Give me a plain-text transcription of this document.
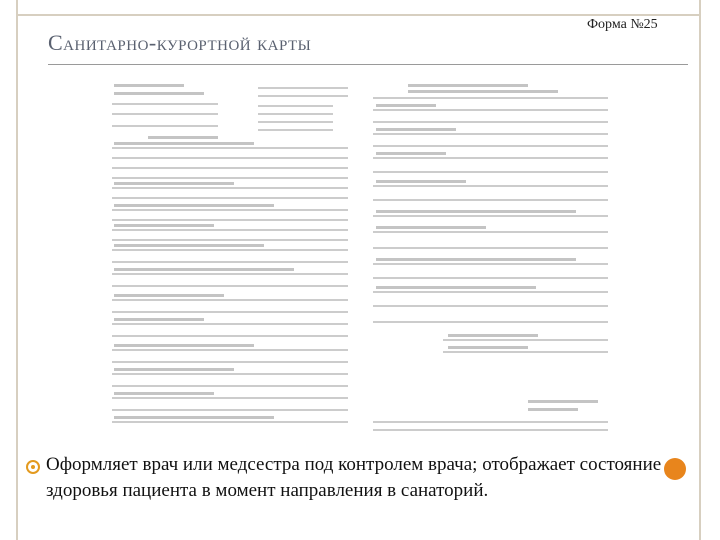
Санитарно-курортной карты
Форма №25
Оформляет врач или медсестра под контролем врача; отображает состояние здоровья пациента в момент направления в санаторий.
